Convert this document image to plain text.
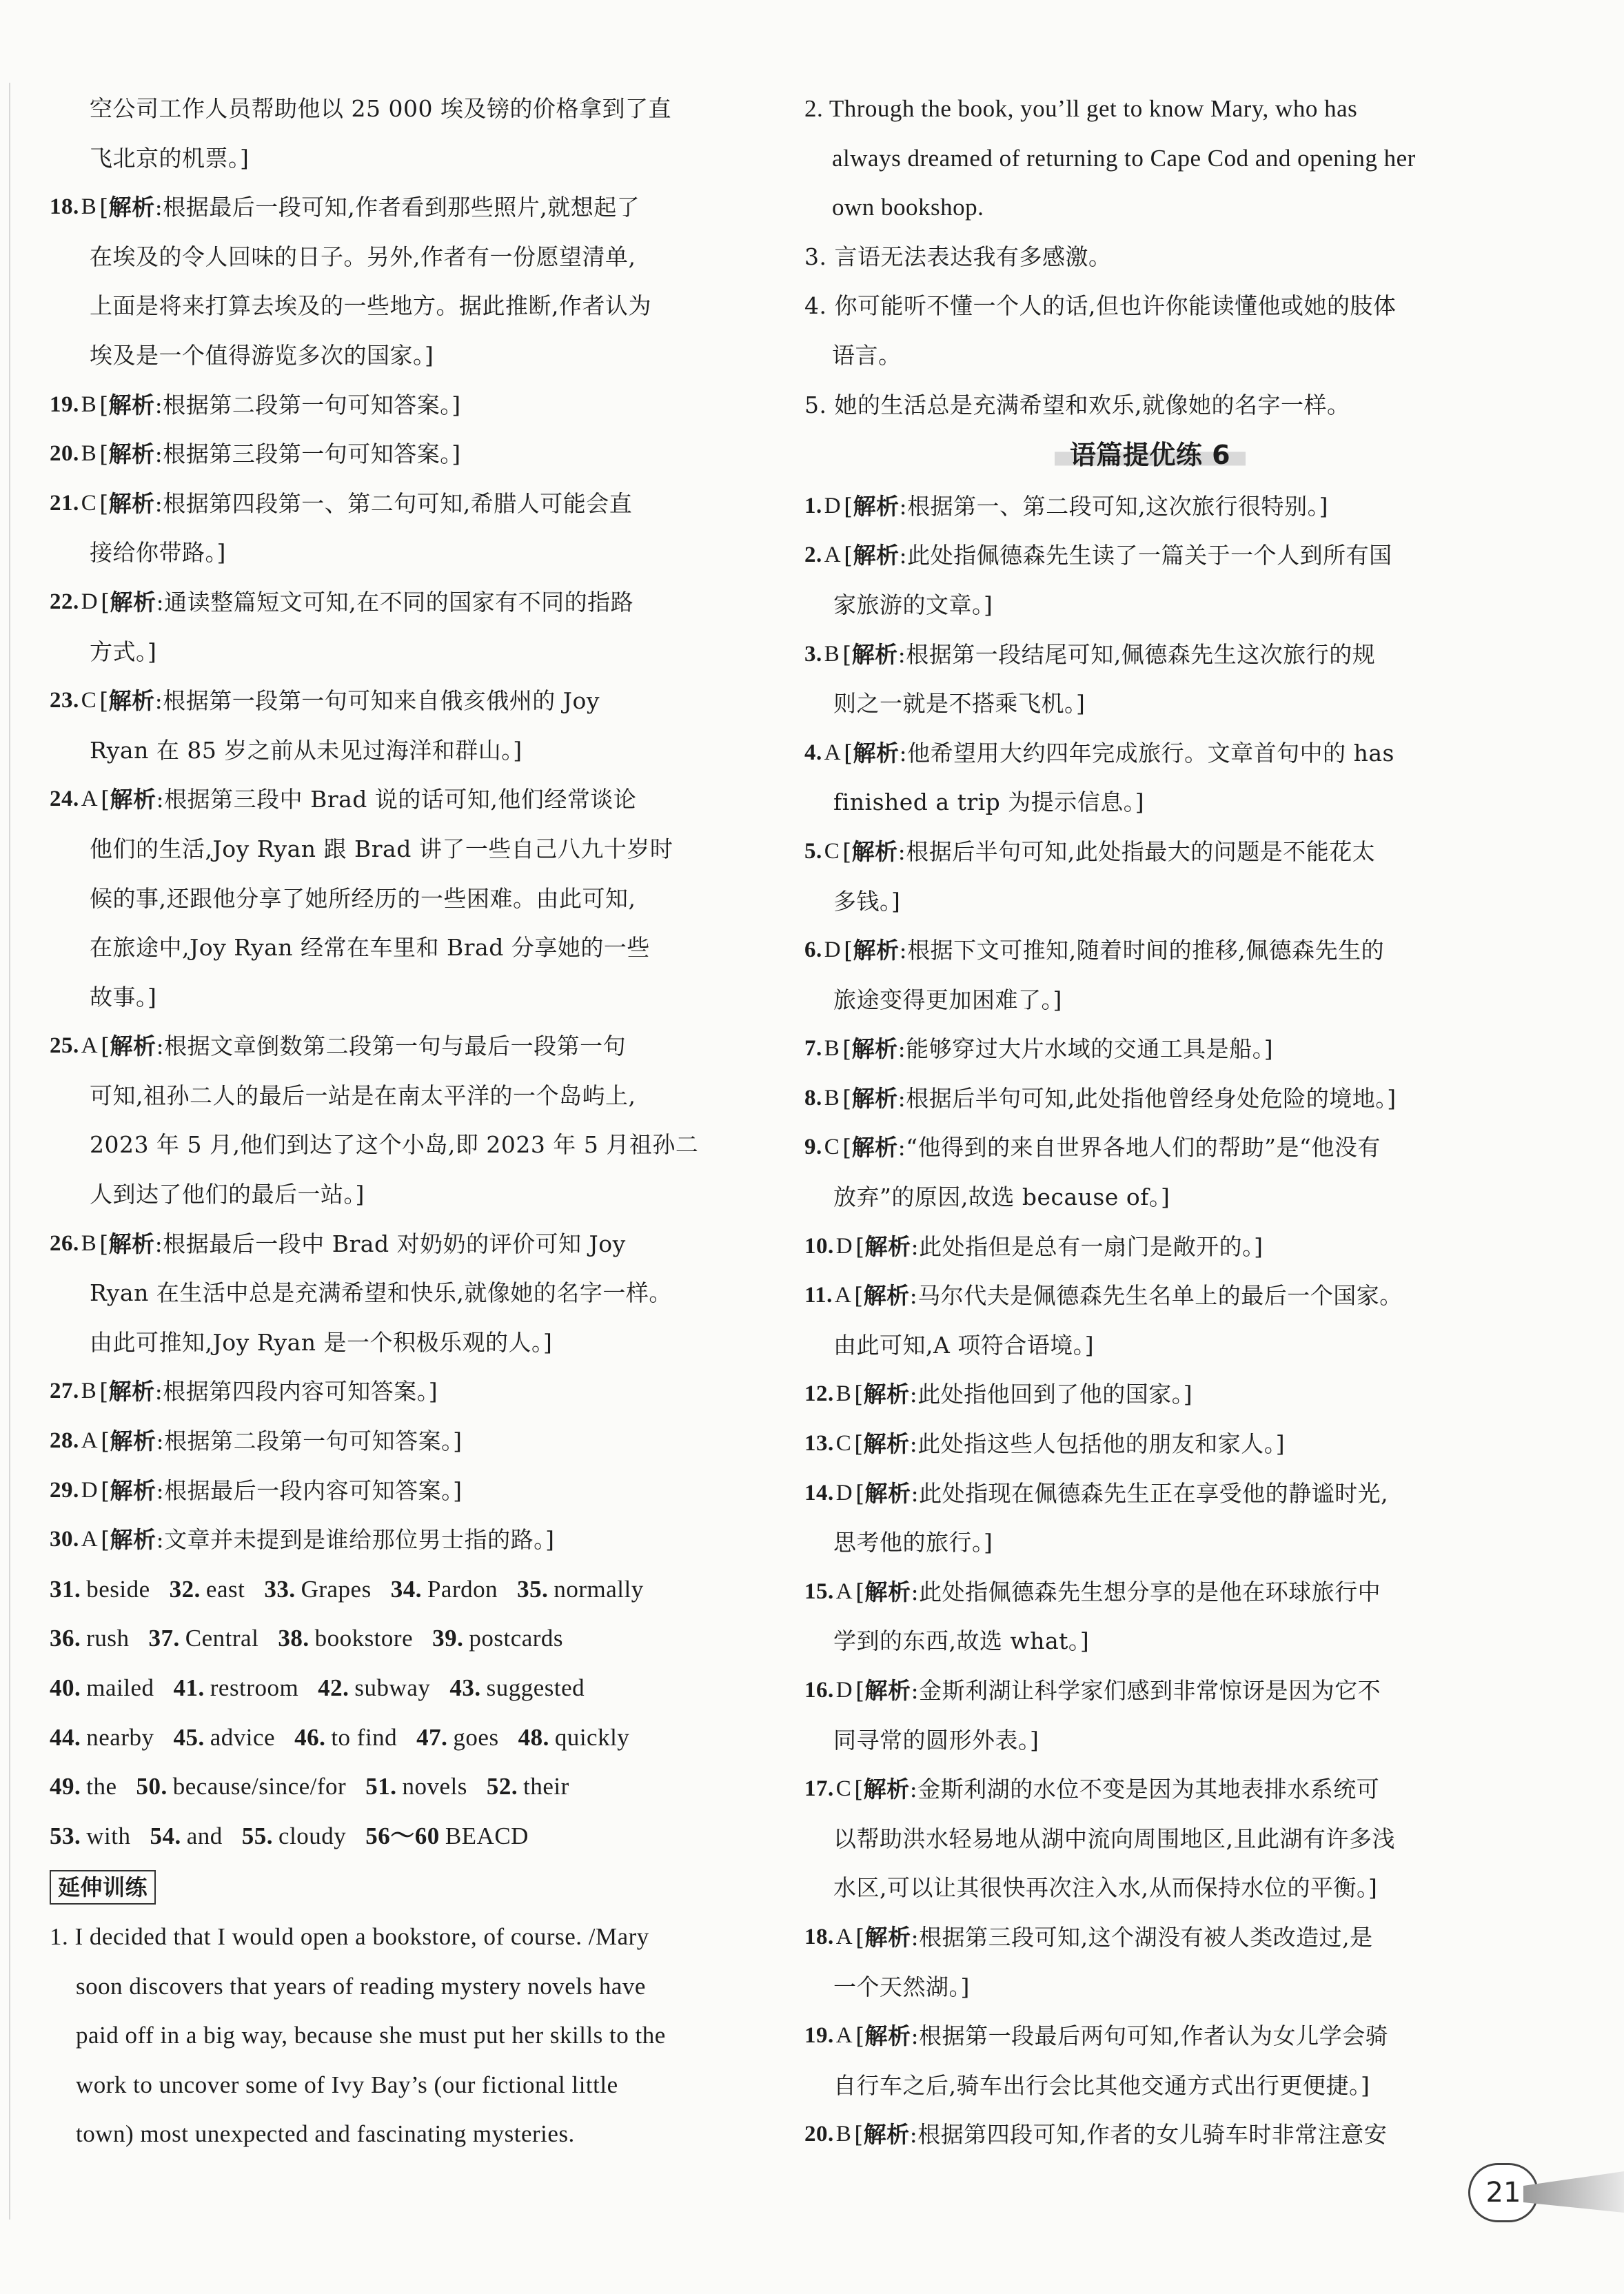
空公司工作人员帮助他以 25 000 埃及镑的价格拿到了直
飞北京的机票。]
18. B [解析:根据最后一段可知,作者看到那些照片,就想起了
在埃及的令人回味的日子。另外,作者有一份愿望清单,
上面是将来打算去埃及的一些地方。据此推断,作者认为
埃及是一个值得游览多次的国家。]
19. B [解析:根据第二段第一句可知答案。]
20. B [解析:根据第三段第一句可知答案。]
21. C [解析:根据第四段第一、第二句可知,希腊人可能会直
接给你带路。]
22. D [解析:通读整篇短文可知,在不同的国家有不同的指路
方式。]
23. C [解析:根据第一段第一句可知来自俄亥俄州的 Joy
Ryan 在 85 岁之前从未见过海洋和群山。]
24. A [解析:根据第三段中 Brad 说的话可知,他们经常谈论
他们的生活,Joy Ryan 跟 Brad 讲了一些自己八九十岁时
候的事,还跟他分享了她所经历的一些困难。由此可知,
在旅途中,Joy Ryan 经常在车里和 Brad 分享她的一些
故事。]
25. A [解析:根据文章倒数第二段第一句与最后一段第一句
可知,祖孙二人的最后一站是在南太平洋的一个岛屿上,
2023 年 5 月,他们到达了这个小岛,即 2023 年 5 月祖孙二
人到达了他们的最后一站。]
26. B [解析:根据最后一段中 Brad 对奶奶的评价可知 Joy
Ryan 在生活中总是充满希望和快乐,就像她的名字一样。
由此可推知,Joy Ryan 是一个积极乐观的人。]
27. B [解析:根据第四段内容可知答案。]
28. A [解析:根据第二段第一句可知答案。]
29. D [解析:根据最后一段内容可知答案。]
30. A [解析:文章并未提到是谁给那位男士指的路。]
31. beside 32. east 33. Grapes 34. Pardon 35. normally
36. rush 37. Central 38. bookstore 39. postcards
40. mailed 41. restroom 42. subway 43. suggested
44. nearby 45. advice 46. to find 47. goes 48. quickly
49. the 50. because/since/for 51. novels 52. their
53. with 54. and 55. cloudy 56～60 BEACD
延伸训练
1. I decided that I would open a bookstore, of course. /Mary
soon discovers that years of reading mystery novels have
paid off in a big way, because she must put her skills to the
work to uncover some of Ivy Bay’s (our fictional little
town) most unexpected and fascinating mysteries.
2. Through the book, you’ll get to know Mary, who has
always dreamed of returning to Cape Cod and opening her
own bookshop.
3. 言语无法表达我有多感激。
4. 你可能听不懂一个人的话,但也许你能读懂他或她的肢体
语言。
5. 她的生活总是充满希望和欢乐,就像她的名字一样。
语篇提优练 6
1. D [解析:根据第一、第二段可知,这次旅行很特别。]
2. A [解析:此处指佩德森先生读了一篇关于一个人到所有国
家旅游的文章。]
3. B [解析:根据第一段结尾可知,佩德森先生这次旅行的规
则之一就是不搭乘飞机。]
4. A [解析:他希望用大约四年完成旅行。文章首句中的 has
finished a trip 为提示信息。]
5. C [解析:根据后半句可知,此处指最大的问题是不能花太
多钱。]
6. D [解析:根据下文可推知,随着时间的推移,佩德森先生的
旅途变得更加困难了。]
7. B [解析:能够穿过大片水域的交通工具是船。]
8. B [解析:根据后半句可知,此处指他曾经身处危险的境地。]
9. C [解析:“他得到的来自世界各地人们的帮助”是“他没有
放弃”的原因,故选 because of。]
10. D [解析:此处指但是总有一扇门是敞开的。]
11. A [解析:马尔代夫是佩德森先生名单上的最后一个国家。
由此可知,A 项符合语境。]
12. B [解析:此处指他回到了他的国家。]
13. C [解析:此处指这些人包括他的朋友和家人。]
14. D [解析:此处指现在佩德森先生正在享受他的静谧时光,
思考他的旅行。]
15. A [解析:此处指佩德森先生想分享的是他在环球旅行中
学到的东西,故选 what。]
16. D [解析:金斯利湖让科学家们感到非常惊讶是因为它不
同寻常的圆形外表。]
17. C [解析:金斯利湖的水位不变是因为其地表排水系统可
以帮助洪水轻易地从湖中流向周围地区,且此湖有许多浅
水区,可以让其很快再次注入水,从而保持水位的平衡。]
18. A [解析:根据第三段可知,这个湖没有被人类改造过,是
一个天然湖。]
19. A [解析:根据第一段最后两句可知,作者认为女儿学会骑
自行车之后,骑车出行会比其他交通方式出行更便捷。]
20. B [解析:根据第四段可知,作者的女儿骑车时非常注意安
21
